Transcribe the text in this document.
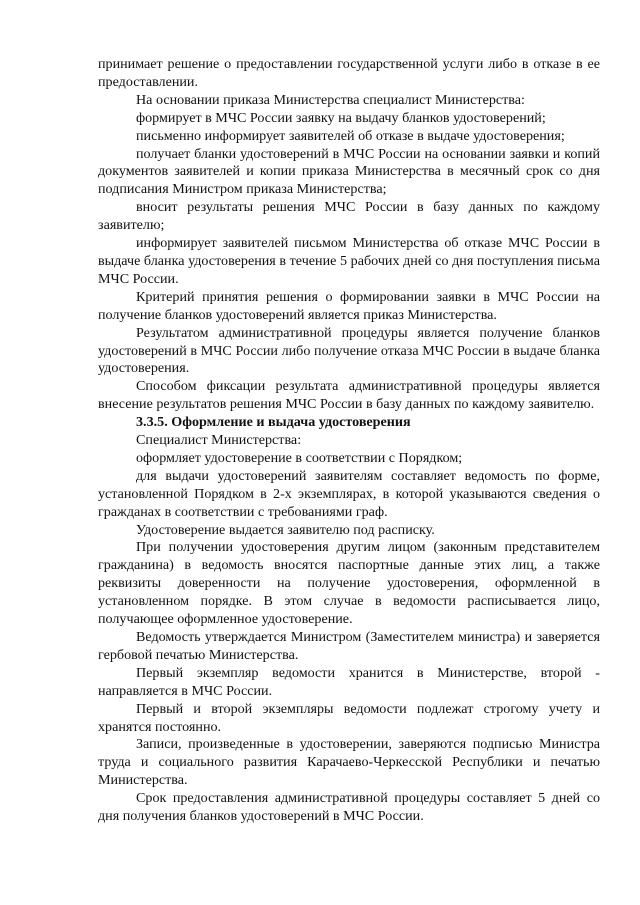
принимает решение о предоставлении государственной услуги либо в отказе в ее предоставлении.

На основании приказа Министерства специалист Министерства:

формирует в МЧС России заявку на выдачу бланков удостоверений;

письменно информирует заявителей об отказе в выдаче удостоверения;

получает бланки удостоверений в МЧС России на основании заявки и копий документов заявителей и копии приказа Министерства в месячный срок со дня подписания Министром приказа Министерства;

вносит результаты решения МЧС России в базу данных по каждому заявителю;

информирует заявителей письмом Министерства об отказе МЧС России в выдаче бланка удостоверения в течение 5 рабочих дней со дня поступления письма МЧС России.

Критерий принятия решения о формировании заявки в МЧС России на получение бланков удостоверений является приказ Министерства.

Результатом административной процедуры является получение бланков удостоверений в МЧС России либо получение отказа МЧС России в выдаче бланка удостоверения.

Способом фиксации результата административной процедуры является внесение результатов решения МЧС России в базу данных по каждому заявителю.

3.3.5. Оформление и выдача удостоверения

Специалист Министерства:

оформляет удостоверение в соответствии с Порядком;

для выдачи удостоверений заявителям составляет ведомость по форме, установленной Порядком в 2-х экземплярах, в которой указываются сведения о гражданах в соответствии с требованиями граф.

Удостоверение выдается заявителю под расписку.

При получении удостоверения другим лицом (законным представителем гражданина) в ведомость вносятся паспортные данные этих лиц, а также реквизиты доверенности на получение удостоверения, оформленной в установленном порядке. В этом случае в ведомости расписывается лицо, получающее оформленное удостоверение.

Ведомость утверждается Министром (Заместителем министра) и заверяется гербовой печатью Министерства.

Первый экземпляр ведомости хранится в Министерстве, второй - направляется в МЧС России.

Первый и второй экземпляры ведомости подлежат строгому учету и хранятся постоянно.

Записи, произведенные в удостоверении, заверяются подписью Министра труда и социального развития Карачаево-Черкесской Республики и печатью Министерства.

Срок предоставления административной процедуры составляет 5 дней со дня получения бланков удостоверений в МЧС России.
